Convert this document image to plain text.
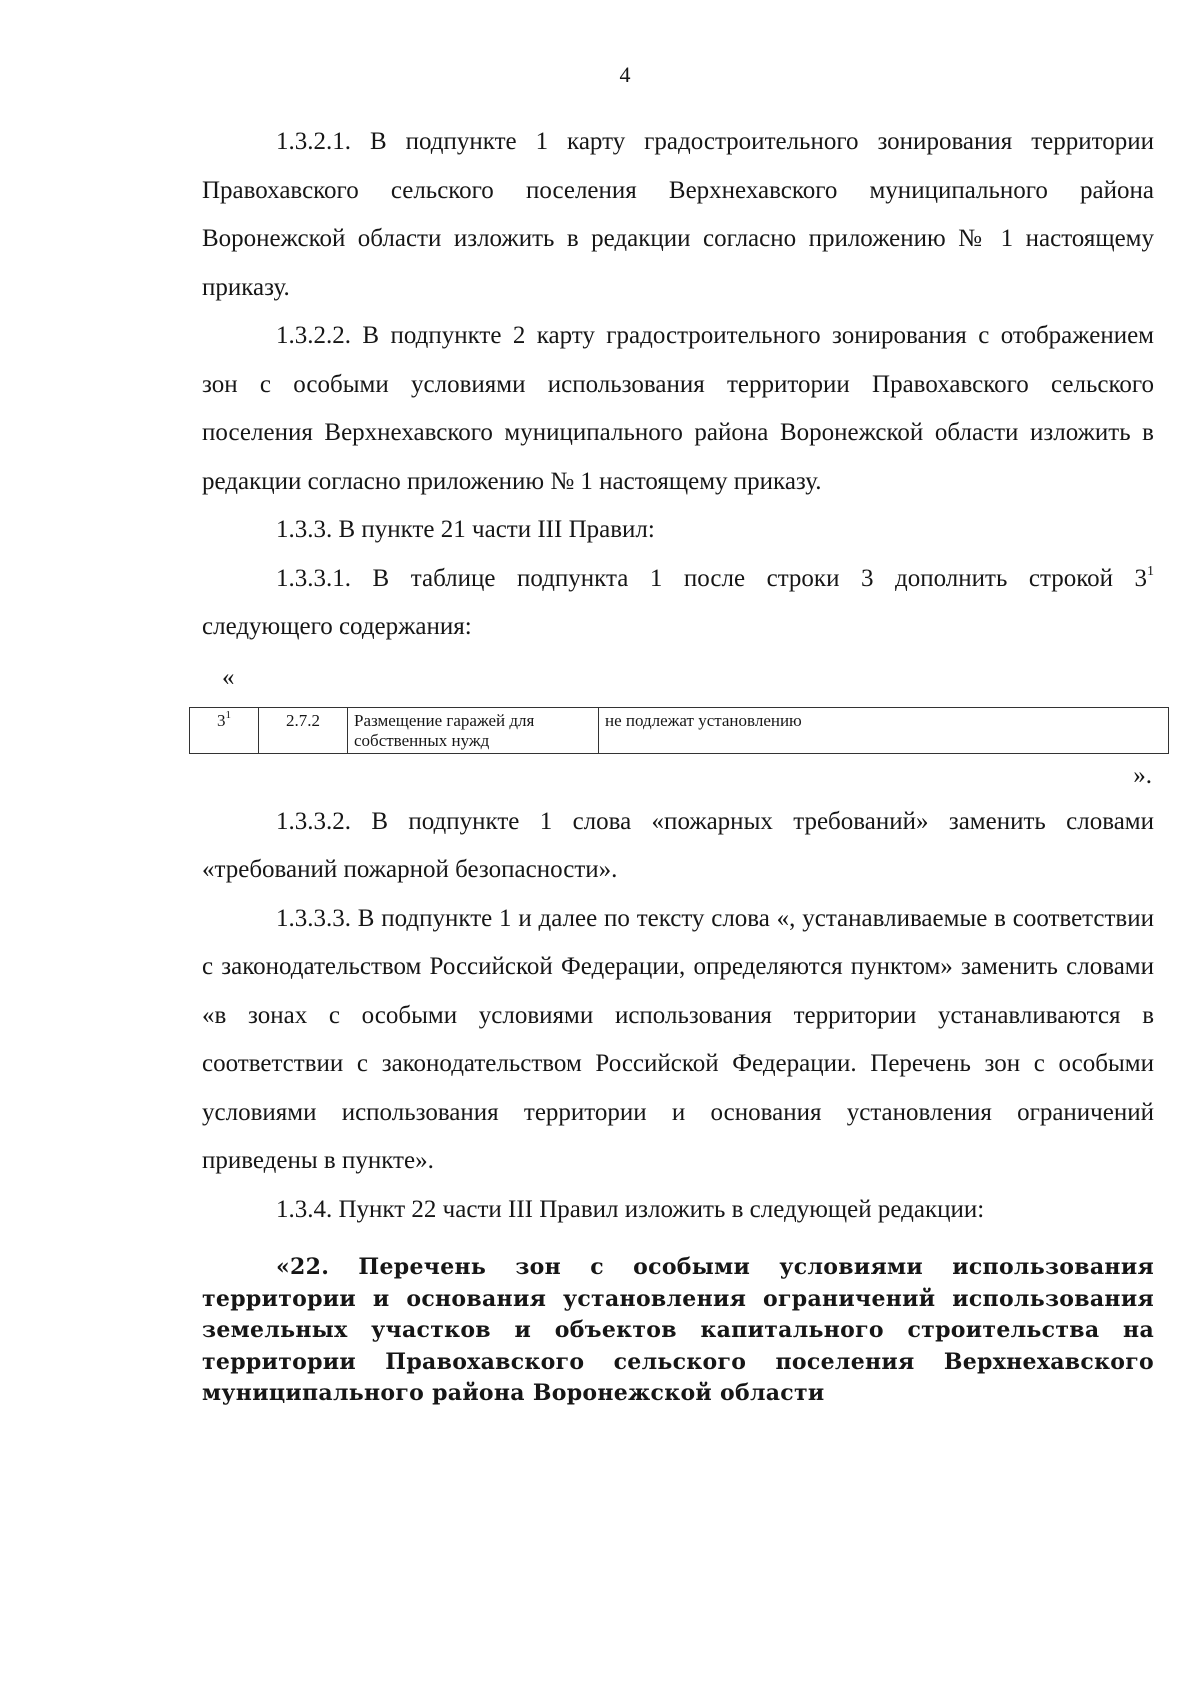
4

1.3.2.1. В подпункте 1 карту градостроительного зонирования территории Правохавского сельского поселения Верхнехавского муниципального района Воронежской области изложить в редакции согласно приложению № 1 настоящему приказу.

1.3.2.2. В подпункте 2 карту градостроительного зонирования с отображением зон с особыми условиями использования территории Правохавского сельского поселения Верхнехавского муниципального района Воронежской области изложить в редакции согласно приложению № 1 настоящему приказу.

1.3.3. В пункте 21 части III Правил:

1.3.3.1. В таблице подпункта 1 после строки 3 дополнить строкой $3^1$

следующего содержания:

«
$3^1$	2.7.2	Размещение гаражей для собственных нужд	не подлежат установлению
».

1.3.3.2. В подпункте 1 слова «пожарных требований» заменить словами «требований пожарной безопасности».

1.3.3.3. В подпункте 1 и далее по тексту слова «, устанавливаемые в соответствии с законодательством Российской Федерации, определяются пунктом» заменить словами «в зонах с особыми условиями использования территории устанавливаются в соответствии с законодательством Российской Федерации. Перечень зон с особыми условиями использования территории и основания установления ограничений приведены в пункте».

1.3.4. Пункт 22 части III Правил изложить в следующей редакции:

«22. Перечень зон с особыми условиями использования территории и основания установления ограничений использования земельных участков и объектов капитального строительства на территории Правохавского сельского поселения Верхнехавского муниципального района Воронежской области
